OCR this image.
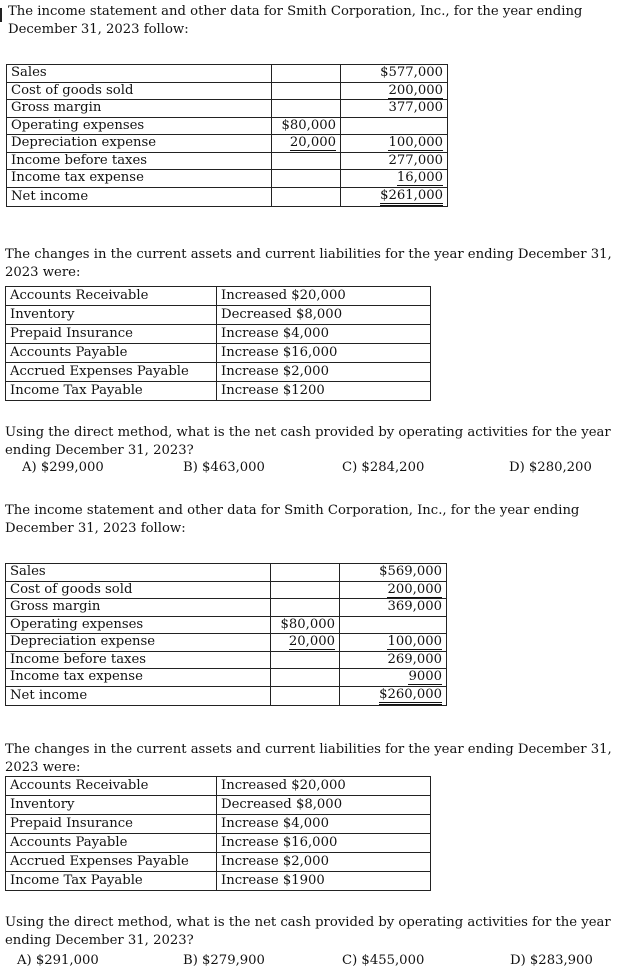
The income statement and other data for Smith Corporation, Inc., for the year ending December 31, 2023 follow:
Sales		$577,000
Cost of goods sold		200,000
Gross margin		377,000
Operating expenses	$80,000	
Depreciation expense	20,000	100,000
Income before taxes		277,000
Income tax expense		16,000
Net income		$261,000
The changes in the current assets and current liabilities for the year ending December 31, 2023 were:
Accounts Receivable	Increased $20,000
Inventory	Decreased $8,000
Prepaid Insurance	Increase $4,000
Accounts Payable	Increase $16,000
Accrued Expenses Payable	Increase $2,000
Income Tax Payable	Increase $1200
Using the direct method, what is the net cash provided by operating activities for the year ending December 31, 2023?
A) $299,000	B) $463,000	C) $284,200	D) $280,200
The income statement and other data for Smith Corporation, Inc., for the year ending December 31, 2023 follow:
Sales		$569,000
Cost of goods sold		200,000
Gross margin		369,000
Operating expenses	$80,000	
Depreciation expense	20,000	100,000
Income before taxes		269,000
Income tax expense		9000
Net income		$260,000
The changes in the current assets and current liabilities for the year ending December 31, 2023 were:
Accounts Receivable	Increased $20,000
Inventory	Decreased $8,000
Prepaid Insurance	Increase $4,000
Accounts Payable	Increase $16,000
Accrued Expenses Payable	Increase $2,000
Income Tax Payable	Increase $1900
Using the direct method, what is the net cash provided by operating activities for the year ending December 31, 2023?
A) $291,000	B) $279,900	C) $455,000	D) $283,900
